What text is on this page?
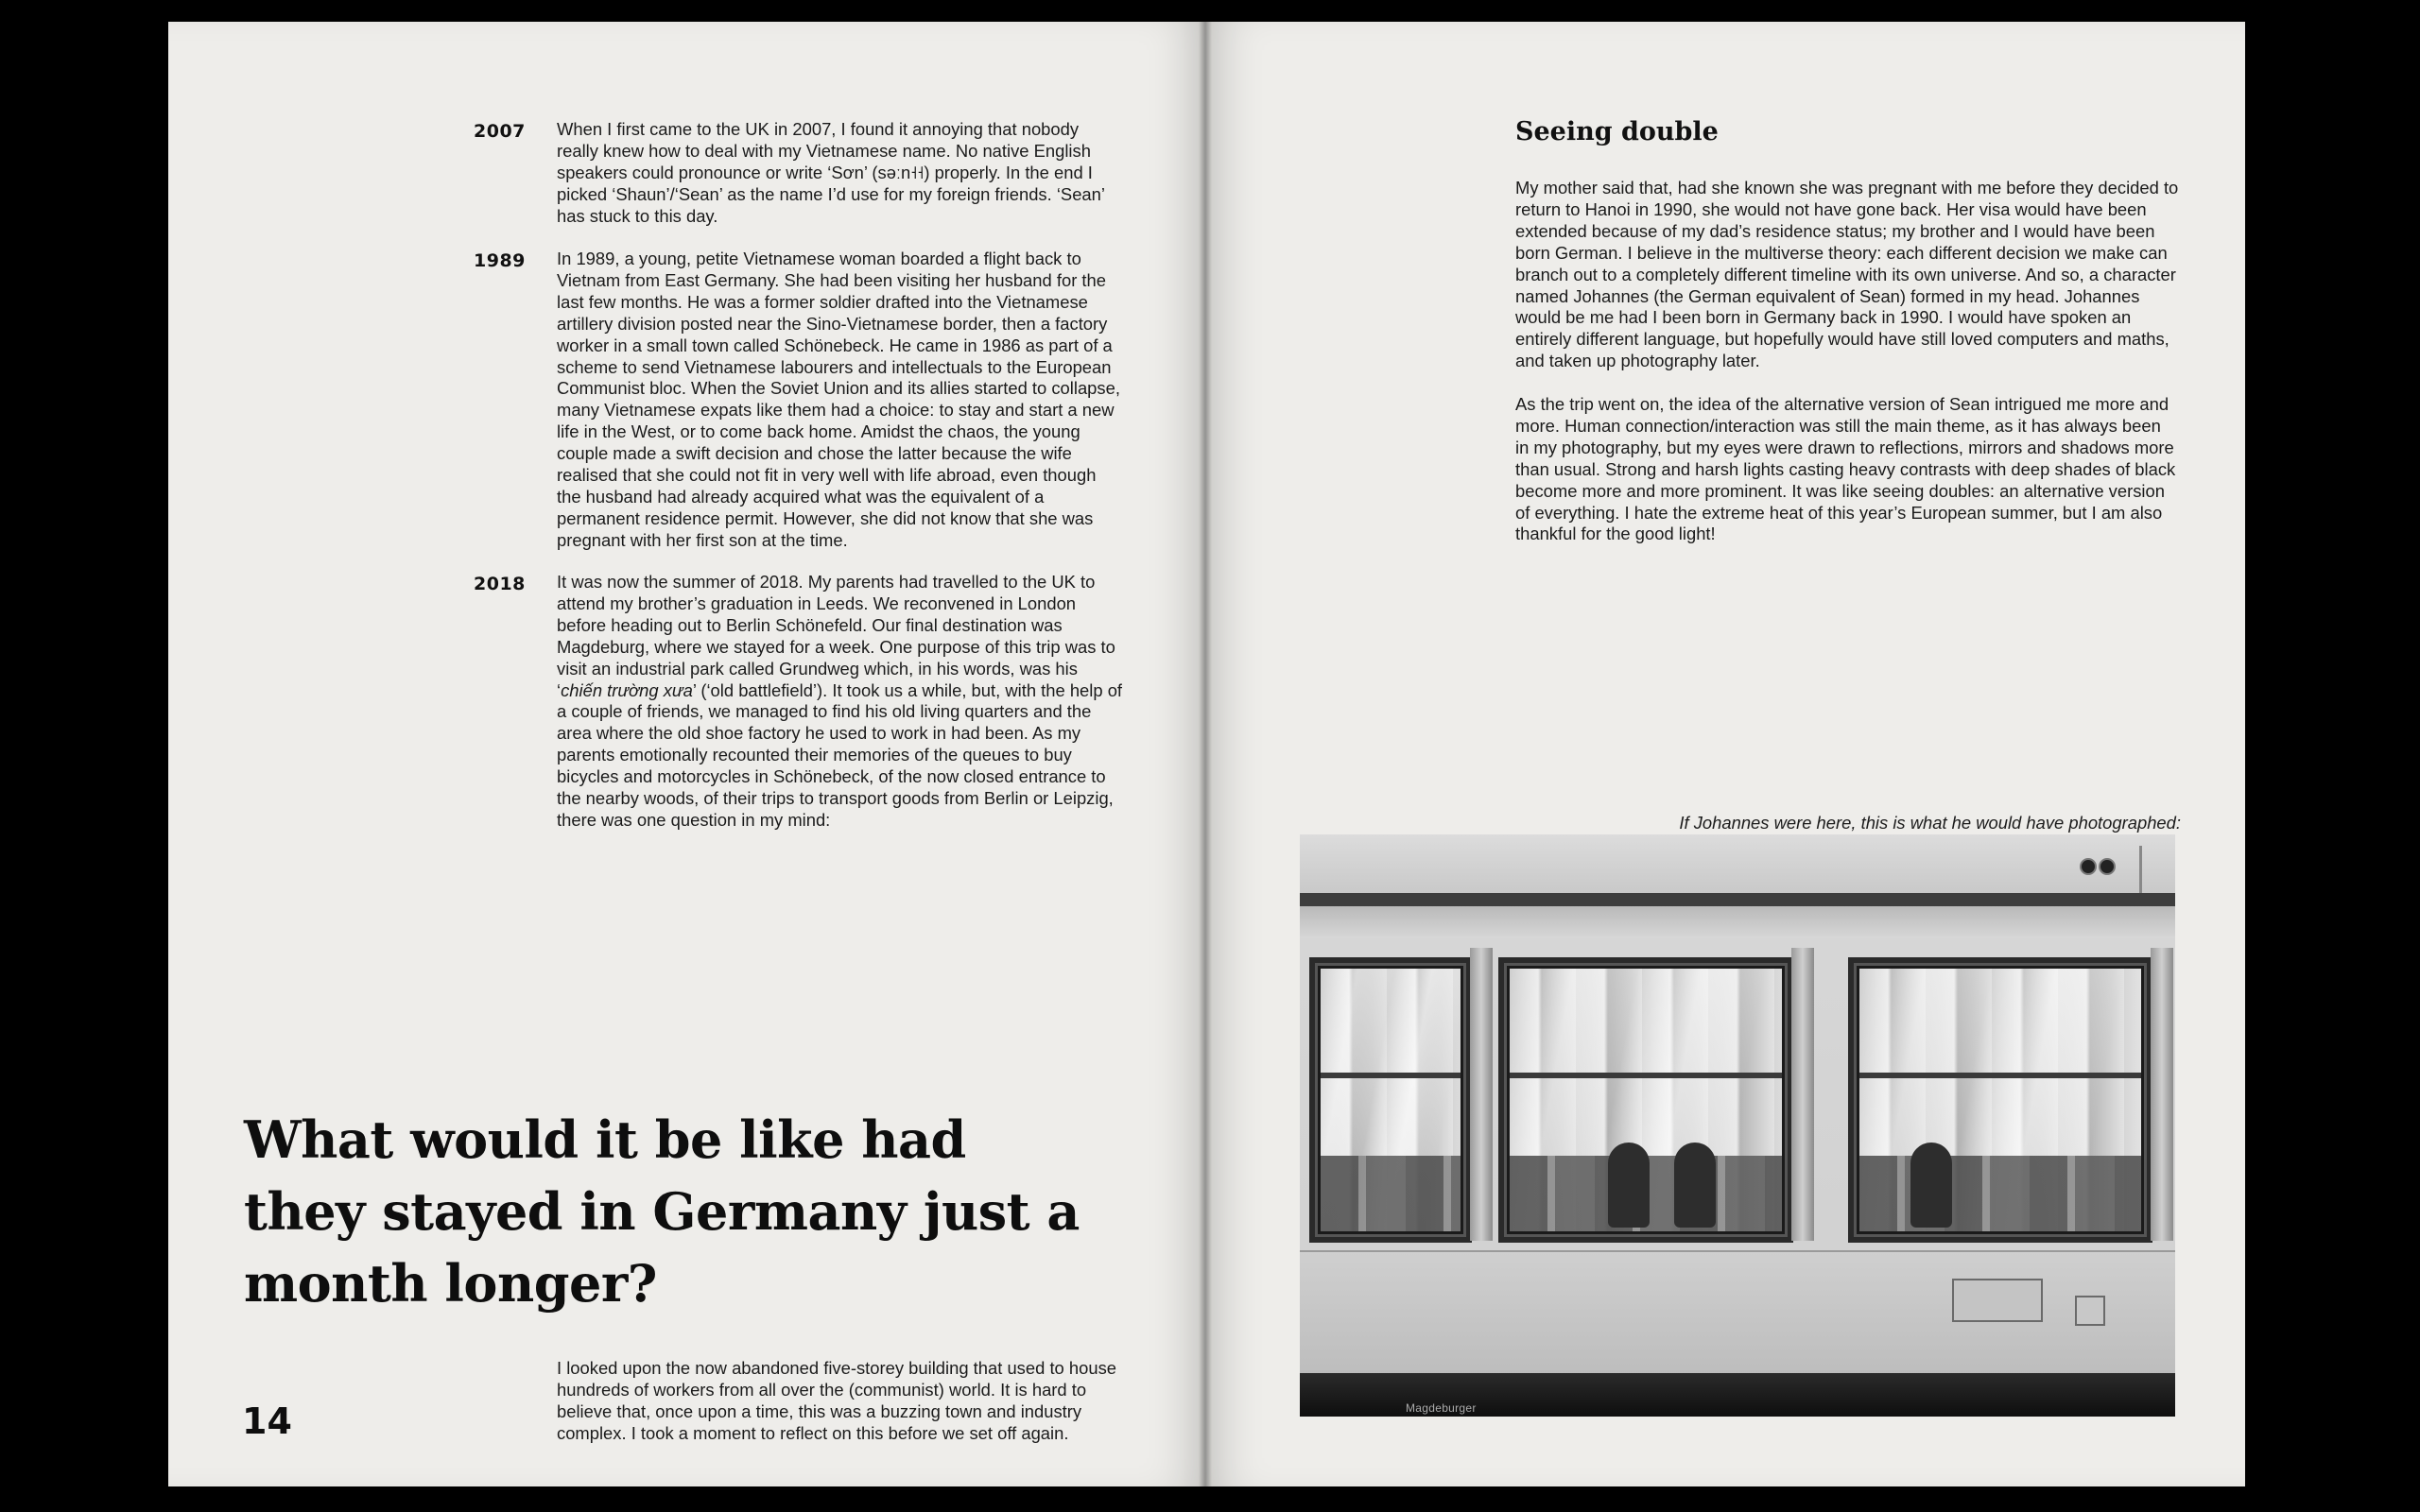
2007	When I first came to the UK in 2007, I found it annoying that nobody really knew how to deal with my Vietnamese name. No native English speakers could pronounce or write ‘Sơn’ (səːn˧˧) properly. In the end I picked ‘Shaun’/‘Sean’ as the name I’d use for my foreign friends. ‘Sean’ has stuck to this day.

1989	In 1989, a young, petite Vietnamese woman boarded a flight back to Vietnam from East Germany. She had been visiting her husband for the last few months. He was a former soldier drafted into the Vietnamese artillery division posted near the Sino-Vietnamese border, then a factory worker in a small town called Schönebeck. He came in 1986 as part of a scheme to send Vietnamese labourers and intellectuals to the European Communist bloc. When the Soviet Union and its allies started to collapse, many Vietnamese expats like them had a choice: to stay and start a new life in the West, or to come back home. Amidst the chaos, the young couple made a swift decision and chose the latter because the wife realised that she could not fit in very well with life abroad, even though the husband had already acquired what was the equivalent of a permanent residence permit. However, she did not know that she was pregnant with her first son at the time.

2018	It was now the summer of 2018. My parents had travelled to the UK to attend my brother’s graduation in Leeds. We reconvened in London before heading out to Berlin Schönefeld. Our final destination was Magdeburg, where we stayed for a week. One purpose of this trip was to visit an industrial park called Grundweg which, in his words, was his ‘chiến trường xưa’ (‘old battlefield’). It took us a while, but, with the help of a couple of friends, we managed to find his old living quarters and the area where the old shoe factory he used to work in had been. As my parents emotionally recounted their memories of the queues to buy bicycles and motorcycles in Schönebeck, of the now closed entrance to the nearby woods, of their trips to transport goods from Berlin or Leipzig, there was one question in my mind:

What would it be like had they stayed in Germany just a month longer?

I looked upon the now abandoned five-storey building that used to house hundreds of workers from all over the (communist) world. It is hard to believe that, once upon a time, this was a buzzing town and industry complex. I took a moment to reflect on this before we set off again.

14
Seeing double

My mother said that, had she known she was pregnant with me before they decided to return to Hanoi in 1990, she would not have gone back. Her visa would have been extended because of my dad’s residence status; my brother and I would have been born German. I believe in the multiverse theory: each different decision we make can branch out to a completely different timeline with its own universe. And so, a character named Johannes (the German equivalent of Sean) formed in my head. Johannes would be me had I been born in Germany back in 1990. I would have spoken an entirely different language, but hopefully would have still loved computers and maths, and taken up photography later.

As the trip went on, the idea of the alternative version of Sean intrigued me more and more. Human connection/interaction was still the main theme, as it has always been in my photography, but my eyes were drawn to reflections, mirrors and shadows more than usual. Strong and harsh lights casting heavy contrasts with deep shades of black become more and more prominent. It was like seeing doubles: an alternative version of everything. I hate the extreme heat of this year’s European summer, but I am also thankful for the good light!

If Johannes were here, this is what he would have photographed:

Magdeburger
